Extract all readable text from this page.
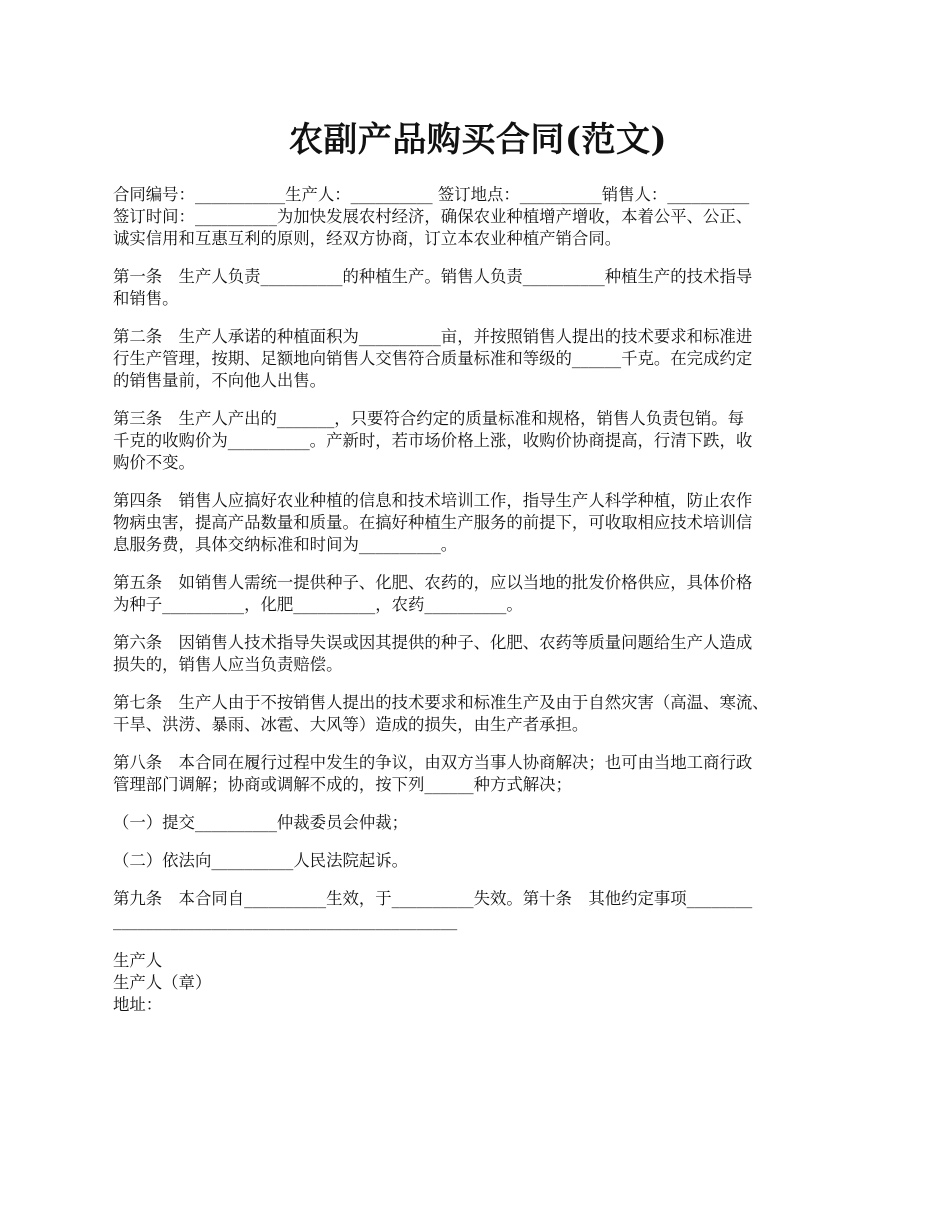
农副产品购买合同(范文)

合同编号：___________生产人：__________ 签订地点：__________销售人：__________

签订时间：__________为加快发展农村经济，确保农业种植增产增收，本着公平、公正、

诚实信用和互惠互利的原则，经双方协商，订立本农业种植产销合同。

第一条　生产人负责__________的种植生产。销售人负责__________种植生产的技术指导

和销售。

第二条　生产人承诺的种植面积为__________亩，并按照销售人提出的技术要求和标准进

行生产管理，按期、足额地向销售人交售符合质量标准和等级的______千克。在完成约定

的销售量前，不向他人出售。

第三条　生产人产出的_______，只要符合约定的质量标准和规格，销售人负责包销。每

千克的收购价为__________。产新时，若市场价格上涨，收购价协商提高，行清下跌，收

购价不变。

第四条　销售人应搞好农业种植的信息和技术培训工作，指导生产人科学种植，防止农作

物病虫害，提高产品数量和质量。在搞好种植生产服务的前提下，可收取相应技术培训信

息服务费，具体交纳标准和时间为__________。

第五条　如销售人需统一提供种子、化肥、农药的，应以当地的批发价格供应，具体价格

为种子__________，化肥__________，农药__________。

第六条　因销售人技术指导失误或因其提供的种子、化肥、农药等质量问题给生产人造成

损失的，销售人应当负责赔偿。

第七条　生产人由于不按销售人提出的技术要求和标准生产及由于自然灾害（高温、寒流、

干旱、洪涝、暴雨、冰雹、大风等）造成的损失，由生产者承担。

第八条　本合同在履行过程中发生的争议，由双方当事人协商解决；也可由当地工商行政

管理部门调解；协商或调解不成的，按下列______种方式解决；

（一）提交__________仲裁委员会仲裁；

（二）依法向__________人民法院起诉。

第九条　本合同自__________生效，于__________失效。第十条　其他约定事项________

__________________________________________

生产人

生产人（章）

地址：
